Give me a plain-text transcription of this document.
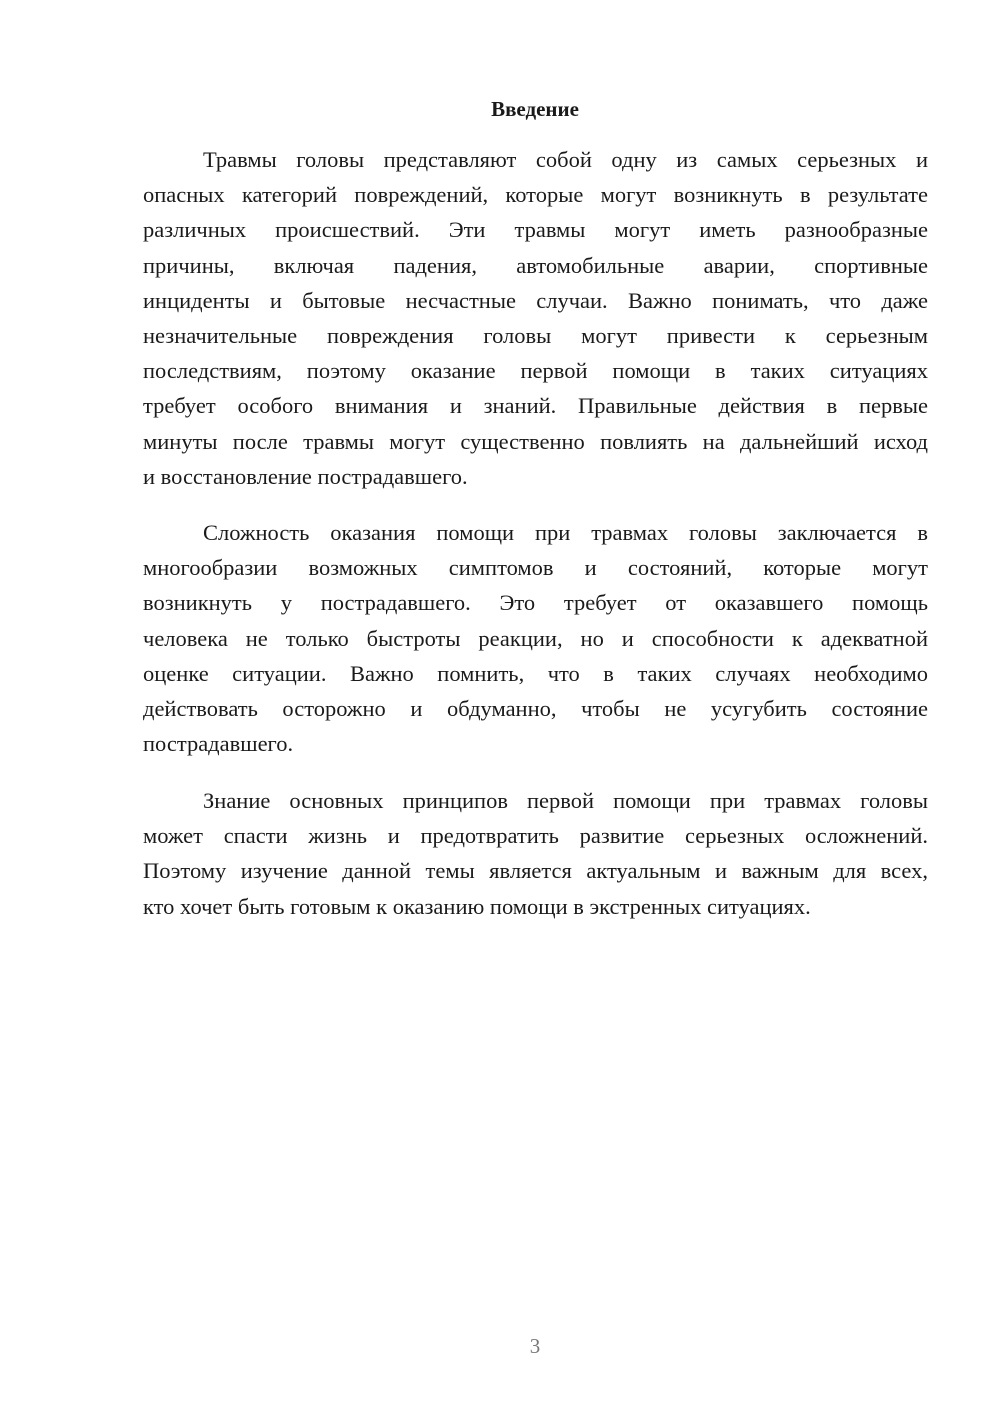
Введение
Травмы головы представляют собой одну из самых серьезных и
опасных категорий повреждений, которые могут возникнуть в результате
различных происшествий. Эти травмы могут иметь разнообразные
причины, включая падения, автомобильные аварии, спортивные
инциденты и бытовые несчастные случаи. Важно понимать, что даже
незначительные повреждения головы могут привести к серьезным
последствиям, поэтому оказание первой помощи в таких ситуациях
требует особого внимания и знаний. Правильные действия в первые
минуты после травмы могут существенно повлиять на дальнейший исход
и восстановление пострадавшего.
Сложность оказания помощи при травмах головы заключается в
многообразии возможных симптомов и состояний, которые могут
возникнуть у пострадавшего. Это требует от оказавшего помощь
человека не только быстроты реакции, но и способности к адекватной
оценке ситуации. Важно помнить, что в таких случаях необходимо
действовать осторожно и обдуманно, чтобы не усугубить состояние
пострадавшего.
Знание основных принципов первой помощи при травмах головы
может спасти жизнь и предотвратить развитие серьезных осложнений.
Поэтому изучение данной темы является актуальным и важным для всех,
кто хочет быть готовым к оказанию помощи в экстренных ситуациях.
3
